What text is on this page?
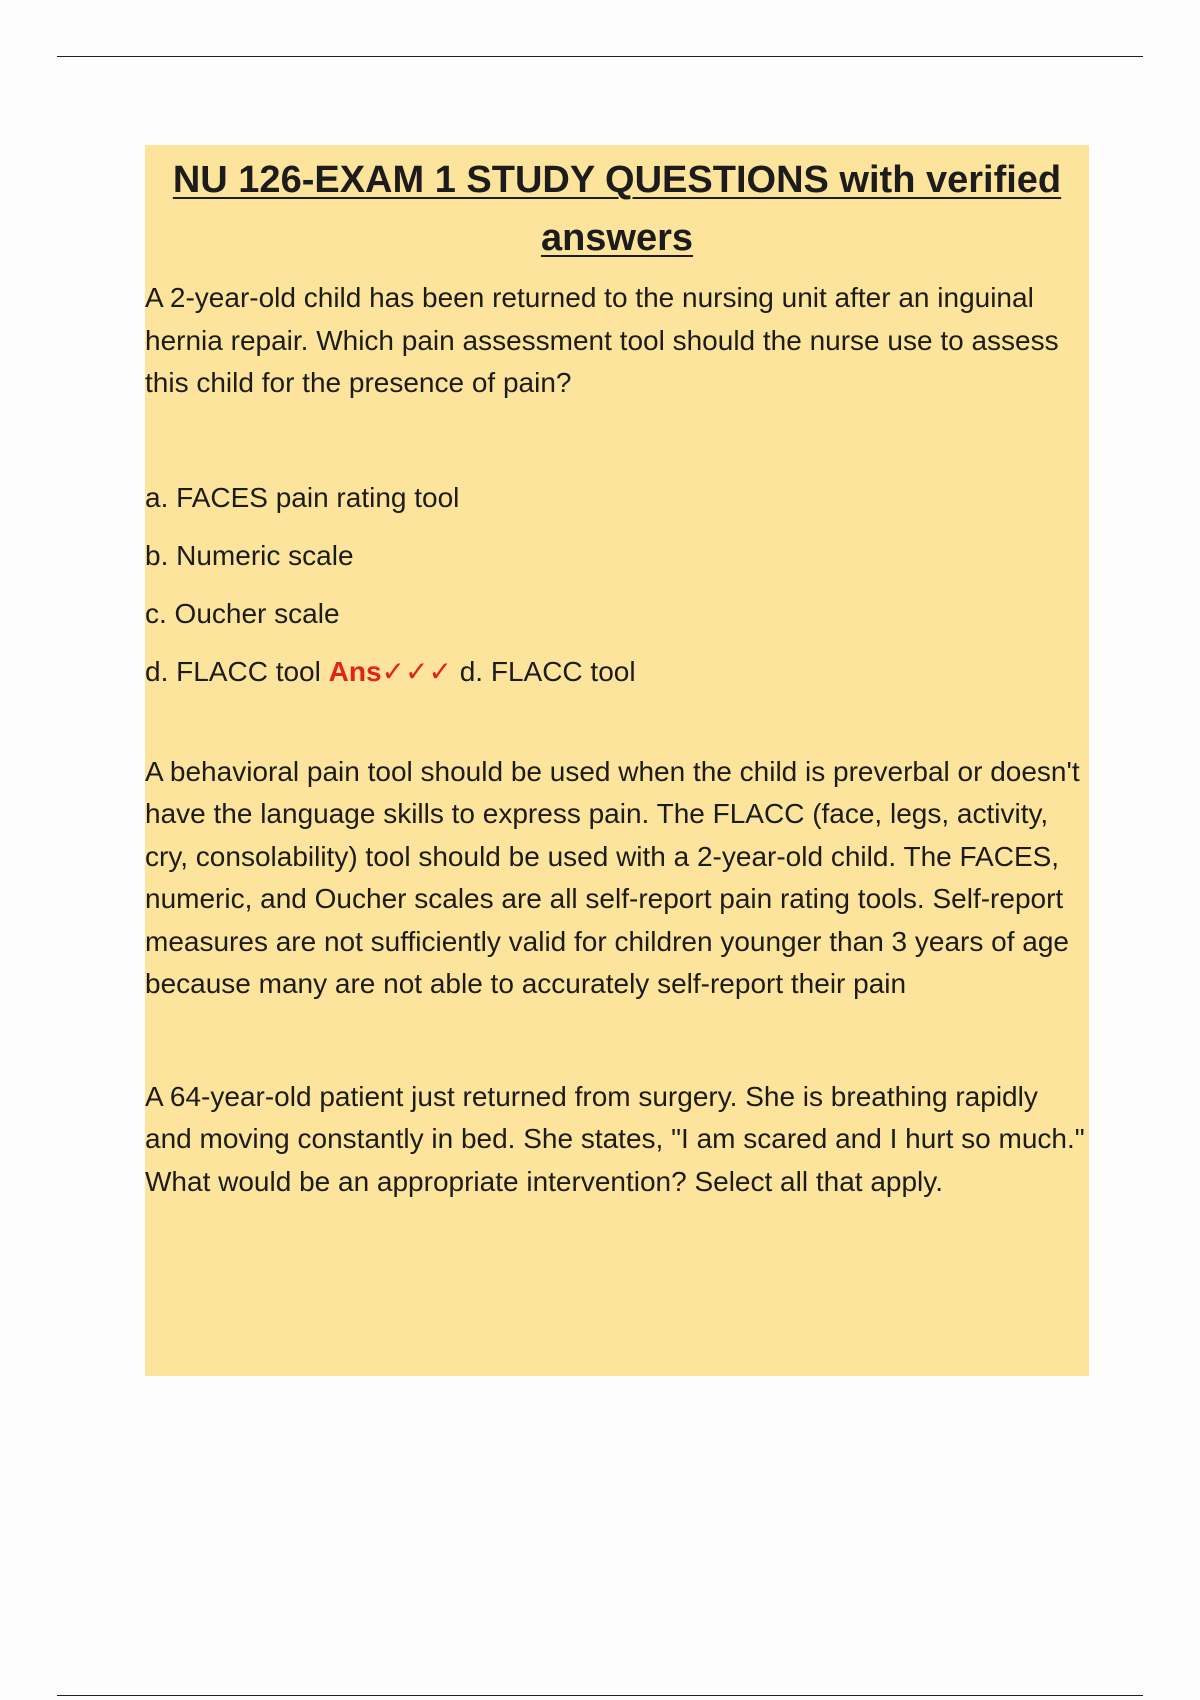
NU 126-EXAM 1 STUDY QUESTIONS with verified answers

A 2-year-old child has been returned to the nursing unit after an inguinal hernia repair. Which pain assessment tool should the nurse use to assess this child for the presence of pain?

a. FACES pain rating tool

b. Numeric scale

c. Oucher scale

d. FLACC tool Ans✓✓✓ d. FLACC tool

A behavioral pain tool should be used when the child is preverbal or doesn't have the language skills to express pain. The FLACC (face, legs, activity, cry, consolability) tool should be used with a 2-year-old child. The FACES, numeric, and Oucher scales are all self-report pain rating tools. Self-report measures are not sufficiently valid for children younger than 3 years of age because many are not able to accurately self-report their pain

A 64-year-old patient just returned from surgery. She is breathing rapidly and moving constantly in bed. She states, "I am scared and I hurt so much." What would be an appropriate intervention? Select all that apply.
